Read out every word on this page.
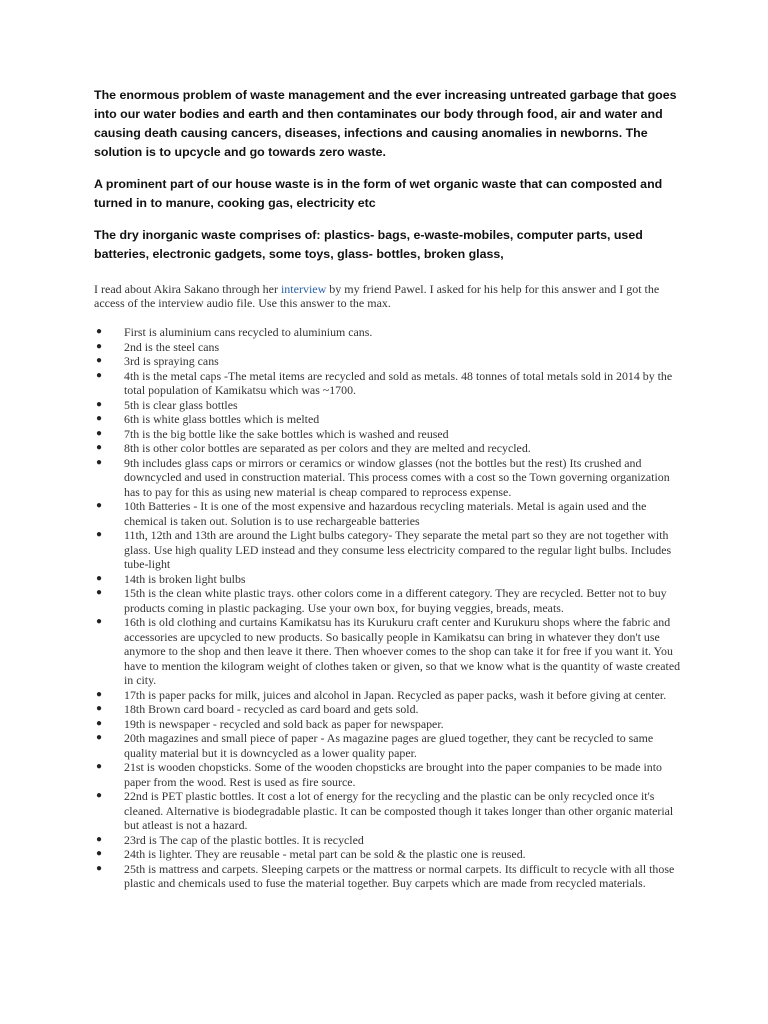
The enormous problem of waste management and the ever increasing untreated garbage that goes into our water bodies and earth and then contaminates our body through food, air and water and causing death causing cancers, diseases, infections and causing anomalies in newborns. The solution is to upcycle and go towards zero waste.

A prominent part of our house waste is in the form of wet organic waste that can composted and turned in to manure, cooking gas, electricity etc

The dry inorganic waste comprises of: plastics- bags, e-waste-mobiles, computer parts, used batteries, electronic gadgets, some toys, glass- bottles, broken glass,

I read about Akira Sakano through her interview by my friend Pawel. I asked for his help for this answer and I got the access of the interview audio file. Use this answer to the max.

● First is aluminium cans recycled to aluminium cans.
● 2nd is the steel cans
● 3rd is spraying cans
● 4th is the metal caps -The metal items are recycled and sold as metals. 48 tonnes of total metals sold in 2014 by the total population of Kamikatsu which was ~1700.
● 5th is clear glass bottles
● 6th is white glass bottles which is melted
● 7th is the big bottle like the sake bottles which is washed and reused
● 8th is other color bottles are separated as per colors and they are melted and recycled.
● 9th includes glass caps or mirrors or ceramics or window glasses (not the bottles but the rest) Its crushed and downcycled and used in construction material. This process comes with a cost so the Town governing organization has to pay for this as using new material is cheap compared to reprocess expense.
● 10th Batteries - It is one of the most expensive and hazardous recycling materials. Metal is again used and the chemical is taken out. Solution is to use rechargeable batteries
● 11th, 12th and 13th are around the Light bulbs category- They separate the metal part so they are not together with glass. Use high quality LED instead and they consume less electricity compared to the regular light bulbs. Includes tube-light
● 14th is broken light bulbs
● 15th is the clean white plastic trays. other colors come in a different category. They are recycled. Better not to buy products coming in plastic packaging. Use your own box, for buying veggies, breads, meats.
● 16th is old clothing and curtains Kamikatsu has its Kurukuru craft center and Kurukuru shops where the fabric and accessories are upcycled to new products. So basically people in Kamikatsu can bring in whatever they don't use anymore to the shop and then leave it there. Then whoever comes to the shop can take it for free if you want it. You have to mention the kilogram weight of clothes taken or given, so that we know what is the quantity of waste created in city.
● 17th is paper packs for milk, juices and alcohol in Japan. Recycled as paper packs, wash it before giving at center.
● 18th Brown card board - recycled as card board and gets sold.
● 19th is newspaper - recycled and sold back as paper for newspaper.
● 20th magazines and small piece of paper - As magazine pages are glued together, they cant be recycled to same quality material but it is downcycled as a lower quality paper.
● 21st is wooden chopsticks. Some of the wooden chopsticks are brought into the paper companies to be made into paper from the wood. Rest is used as fire source.
● 22nd is PET plastic bottles. It cost a lot of energy for the recycling and the plastic can be only recycled once it's cleaned. Alternative is biodegradable plastic. It can be composted though it takes longer than other organic material but atleast is not a hazard.
● 23rd is The cap of the plastic bottles. It is recycled
● 24th is lighter. They are reusable - metal part can be sold & the plastic one is reused.
● 25th is mattress and carpets. Sleeping carpets or the mattress or normal carpets. Its difficult to recycle with all those plastic and chemicals used to fuse the material together. Buy carpets which are made from recycled materials.
